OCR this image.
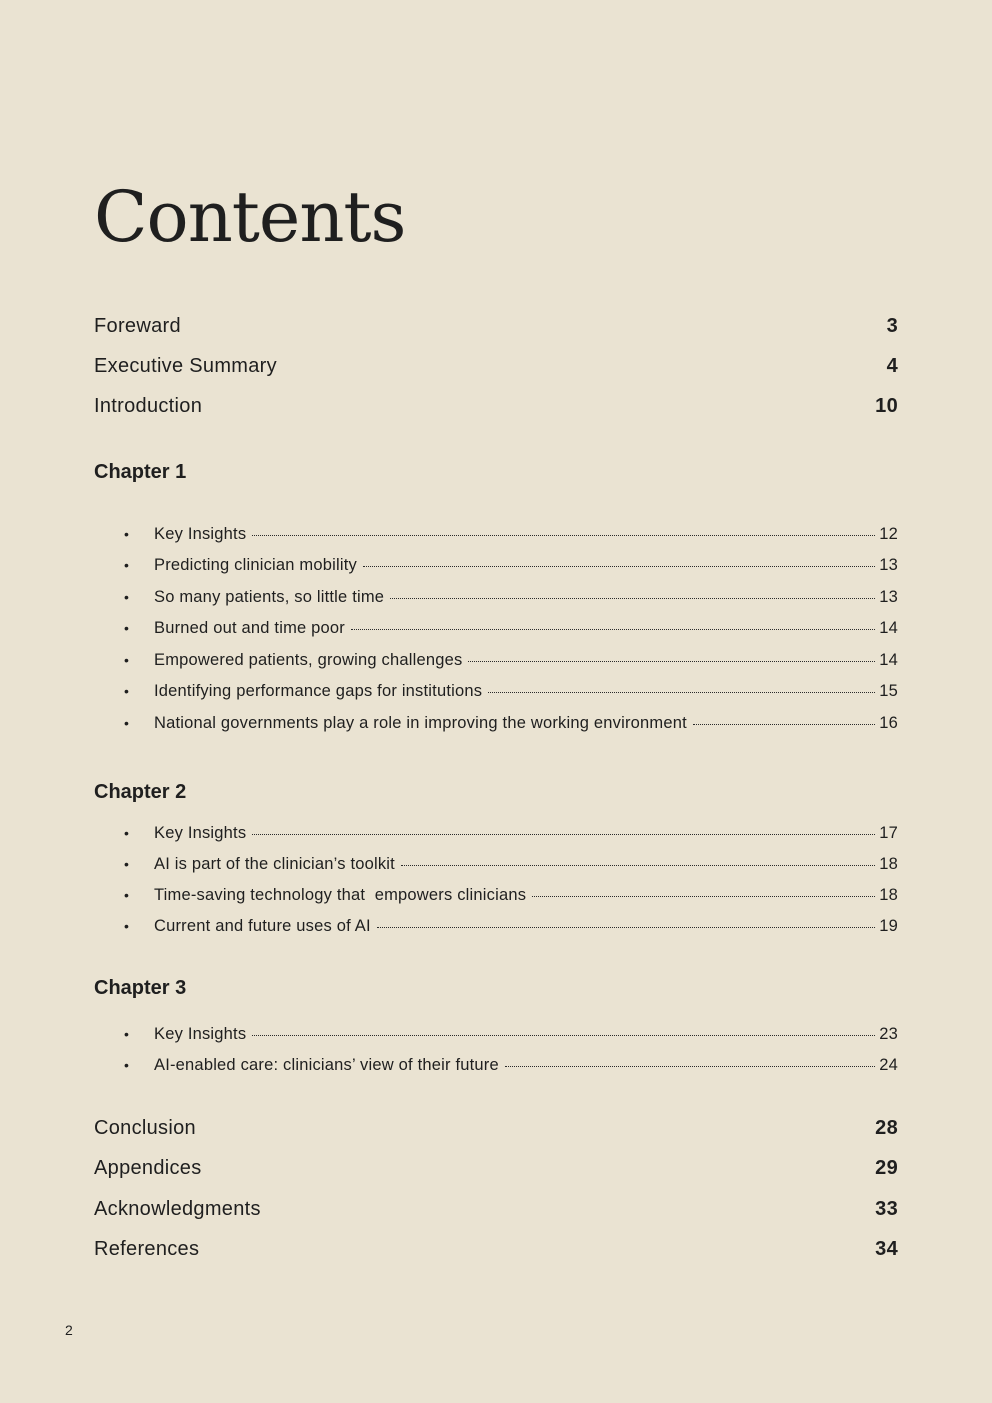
Contents
Foreward	3
Executive Summary	4
Introduction	10
Chapter 1
•	Key Insights	12
•	Predicting clinician mobility	13
•	So many patients, so little time	13
•	Burned out and time poor	14
•	Empowered patients, growing challenges	14
•	Identifying performance gaps for institutions	15
•	National governments play a role in improving the working environment	16
Chapter 2
•	Key Insights	17
•	AI is part of the clinician’s toolkit	18
•	Time-saving technology that  empowers clinicians	18
•	Current and future uses of AI	19
Chapter 3
•	Key Insights	23
•	AI-enabled care: clinicians’ view of their future	24
Conclusion	28
Appendices	29
Acknowledgments	33
References	34
2
